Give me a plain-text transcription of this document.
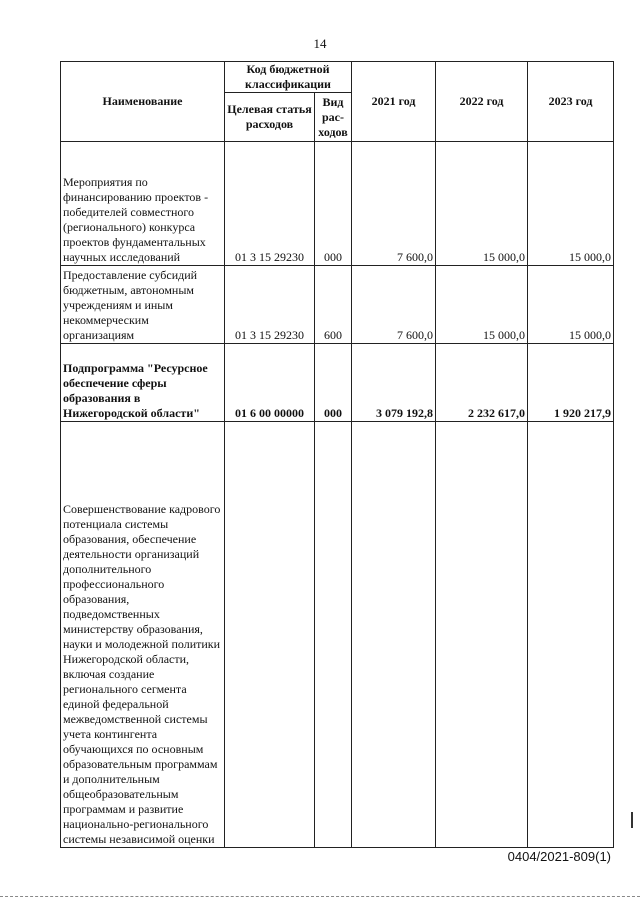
14
Наименование	Код бюджетной классификации		2021 год	2022 год	2023 год
	Целевая статья расходов	Вид рас- ходов			
Мероприятия по финансированию проектов - победителей совместного (регионального) конкурса проектов фундаментальных научных исследований	01 3 15 29230	000	7 600,0	15 000,0	15 000,0
Предоставление субсидий бюджетным, автономным учреждениям и иным некоммерческим организациям	01 3 15 29230	600	7 600,0	15 000,0	15 000,0
Подпрограмма "Ресурсное обеспечение сферы образования в Нижегородской области"	01 6 00 00000	000	3 079 192,8	2 232 617,0	1 920 217,9
Совершенствование кадрового потенциала системы образования, обеспечение деятельности организаций дополнительного профессионального образования, подведомственных министерству образования, науки и молодежной политики Нижегородской области, включая создание регионального сегмента единой федеральной межведомственной системы учета контингента обучающихся по основным образовательным программам и дополнительным общеобразовательным программам и развитие национально-регионального системы независимой оценки					
0404/2021-809(1)
